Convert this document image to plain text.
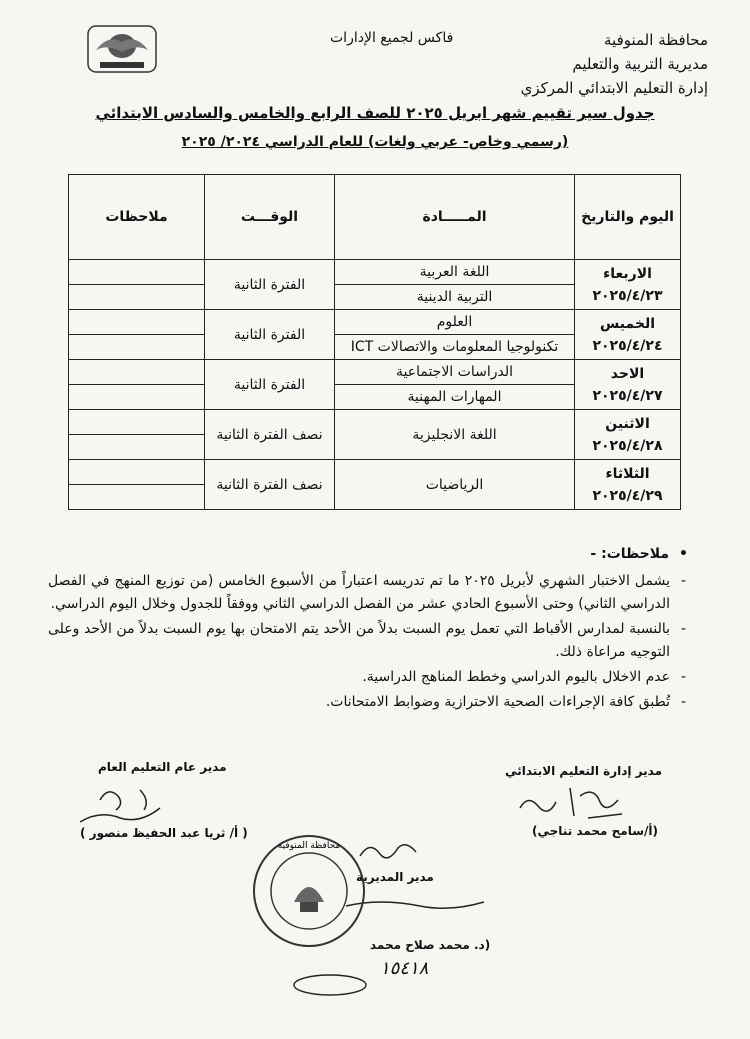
محافظة المنوفية
مديرية التربية والتعليم
إدارة التعليم الابتدائي المركزي
فاكس لجميع الإدارات
جدول سير تقييم شهر ابريل ٢٠٢٥ للصف الرابع والخامس والسادس الابتدائي
(رسمي وخاص- عربي ولغات) للعام الدراسي ٢٠٢٤/ ٢٠٢٥
اليوم والتاريخ	المـــــادة	الوقـــت	ملاحظات

الاربعاء
٢٠٢٥/٤/٢٣	اللغة العربية	الفترة الثانية	
	التربية الدينية		

الخميس
٢٠٢٥/٤/٢٤	العلوم	الفترة الثانية	
	تكنولوجيا المعلومات والاتصالات ICT		

الاحد
٢٠٢٥/٤/٢٧	الدراسات الاجتماعية	الفترة الثانية	
	المهارات المهنية		

الاثنين
٢٠٢٥/٤/٢٨	اللغة الانجليزية	نصف الفترة الثانية	

الثلاثاء
٢٠٢٥/٤/٢٩	الرياضيات	نصف الفترة الثانية	

• ملاحظات: -
- يشمل الاختبار الشهري لأبريل ٢٠٢٥ ما تم تدريسه اعتباراً من الأسبوع الخامس (من توزيع المنهج في الفصل الدراسي الثاني) وحتى الأسبوع الحادي عشر من الفصل الدراسي الثاني ووفقاً للجدول وخلال اليوم الدراسي.
- بالنسبة لمدارس الأقباط التي تعمل يوم السبت بدلاً من الأحد يتم الامتحان بها يوم السبت بدلاً من الأحد وعلى التوجيه مراعاة ذلك.
- عدم الاخلال باليوم الدراسي وخطط المناهج الدراسية.
- تُطبق كافة الإجراءات الصحية الاحترازية وضوابط الامتحانات.
مدير إدارة التعليم الابتدائي
(أ/سامح محمد تناجي)
مدير عام التعليم العام
( أ/ ثريا عبد الحفيظ منصور )
مدير المديرية
(د. محمد صلاح محمد
محافظة المنوفية
١٥٤١٨
